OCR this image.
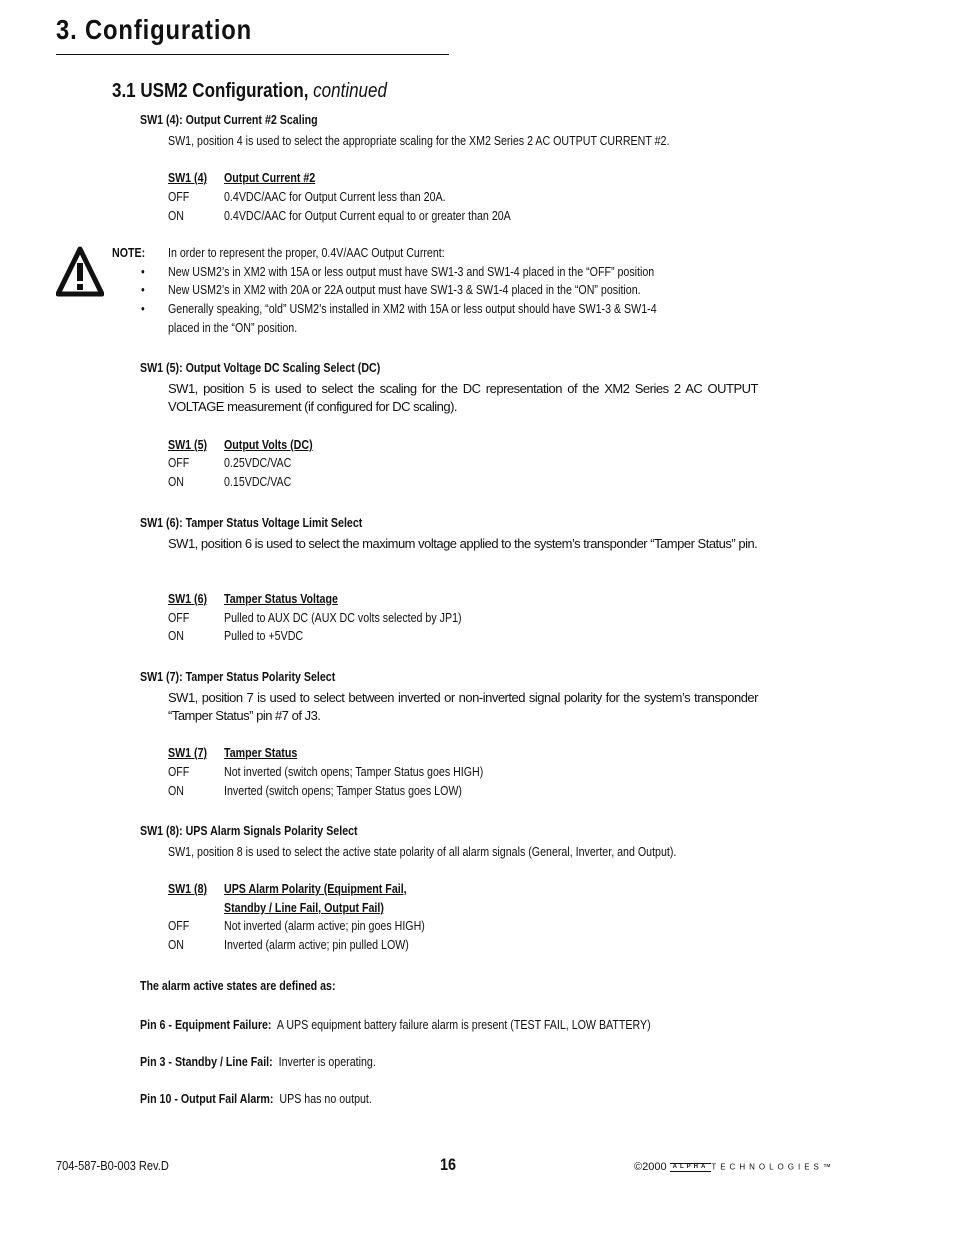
3. Configuration
3.1 USM2 Configuration, continued
SW1 (4): Output Current #2 Scaling
SW1, position 4 is used to select the appropriate scaling for the XM2 Series 2 AC OUTPUT CURRENT #2.
SW1 (4) Output Current #2
OFF	0.4VDC/AAC for Output Current less than 20A.
ON	0.4VDC/AAC for Output Current equal to or greater than 20A
NOTE: In order to represent the proper, 0.4V/AAC Output Current:
• New USM2’s in XM2 with 15A or less output must have SW1-3 and SW1-4 placed in the “OFF” position
• New USM2’s in XM2 with 20A or 22A output must have SW1-3 & SW1-4 placed in the “ON” position.
• Generally speaking, “old” USM2’s installed in XM2 with 15A or less output should have SW1-3 & SW1-4
placed in the “ON” position.
SW1 (5): Output Voltage DC Scaling Select (DC)
SW1, position 5 is used to select the scaling for the DC representation of the XM2 Series 2 AC OUTPUT VOLTAGE measurement (if configured for DC scaling).
SW1 (5) Output Volts (DC)
OFF	0.25VDC/VAC
ON	0.15VDC/VAC
SW1 (6): Tamper Status Voltage Limit Select
SW1, position 6 is used to select the maximum voltage applied to the system’s transponder “Tamper Status” pin.
SW1 (6) Tamper Status Voltage
OFF	Pulled to AUX DC (AUX DC volts selected by JP1)
ON	Pulled to +5VDC
SW1 (7): Tamper Status Polarity Select
SW1, position 7 is used to select between inverted or non-inverted signal polarity for the system’s transponder “Tamper Status” pin #7 of J3.
SW1 (7) Tamper Status
OFF	Not inverted (switch opens; Tamper Status goes HIGH)
ON	Inverted (switch opens; Tamper Status goes LOW)
SW1 (8): UPS Alarm Signals Polarity Select
SW1, position 8 is used to select the active state polarity of all alarm signals (General, Inverter, and Output).
SW1 (8) UPS Alarm Polarity (Equipment Fail,
Standby / Line Fail, Output Fail)
OFF	Not inverted (alarm active; pin goes HIGH)
ON	Inverted (alarm active; pin pulled LOW)
The alarm active states are defined as:
Pin 6 - Equipment Failure: A UPS equipment battery failure alarm is present (TEST FAIL, LOW BATTERY)
Pin 3 - Standby / Line Fail: Inverter is operating.
Pin 10 - Output Fail Alarm: UPS has no output.
704-587-B0-003 Rev.D	16	©2000 ALPHA TECHNOLOGIES™
